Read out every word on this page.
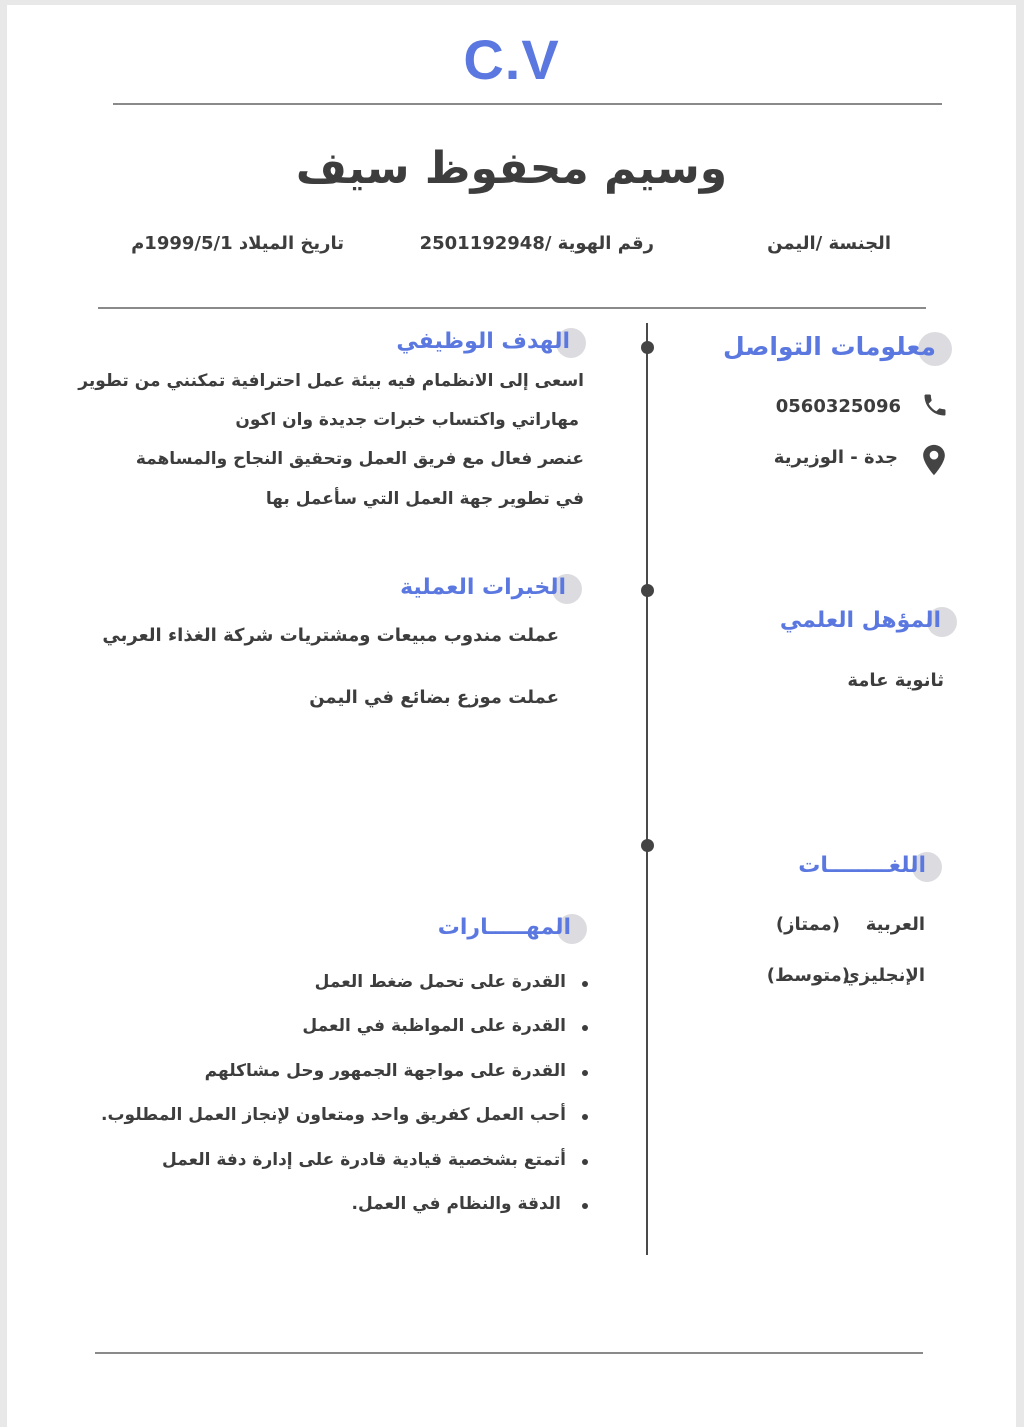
C.V
وسيم محفوظ سيف
الجنسة /اليمن
رقم الهوية /2501192948
تاريخ الميلاد 1999/5/1م
معلومات التواصل
0560325096
جدة - الوزيرية
المؤهل العلمي
ثانوية عامة
اللغــــــــات
العربية
(ممتاز)
الإنجليزي
(متوسط)
الهدف الوظيفي
اسعى إلى الانظمام فيه بيئة عمل احترافية تمكنني من تطوير
مهاراتي واكتساب خبرات جديدة وان اكون
عنصر فعال مع فريق العمل وتحقيق النجاح والمساهمة
في تطوير جهة العمل التي سأعمل بها
الخبرات العملية
عملت مندوب مبيعات ومشتريات شركة الغذاء العربي
عملت موزع بضائع في اليمن
المهـــــارات
القدرة على تحمل ضغط العمل
القدرة على المواظبة في العمل
القدرة على مواجهة الجمهور وحل مشاكلهم
أحب العمل كفريق واحد ومتعاون لإنجاز العمل المطلوب.
أتمتع بشخصية قيادية قادرة على إدارة دفة العمل
الدقة والنظام في العمل.
